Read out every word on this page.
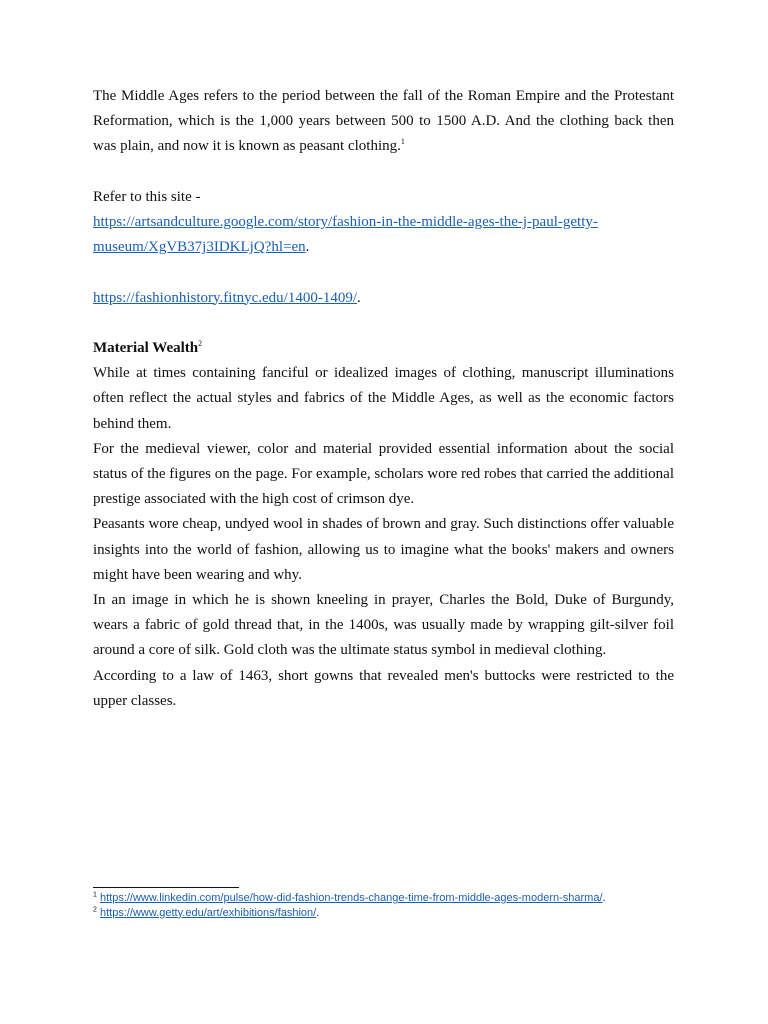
The Middle Ages refers to the period between the fall of the Roman Empire and the Protestant Reformation, which is the 1,000 years between 500 to 1500 A.D. And the clothing back then was plain, and now it is known as peasant clothing.$^1$

Refer to this site -

https://artsandculture.google.com/story/fashion-in-the-middle-ages-the-j-paul-getty-
museum/XgVB37j3IDKLjQ?hl=en.

https://fashionhistory.fitnyc.edu/1400-1409/.

Material Wealth$^2$

While at times containing fanciful or idealized images of clothing, manuscript illuminations often reflect the actual styles and fabrics of the Middle Ages, as well as the economic factors behind them.

For the medieval viewer, color and material provided essential information about the social status of the figures on the page. For example, scholars wore red robes that carried the additional prestige associated with the high cost of crimson dye.

Peasants wore cheap, undyed wool in shades of brown and gray. Such distinctions offer valuable insights into the world of fashion, allowing us to imagine what the books' makers and owners might have been wearing and why.

In an image in which he is shown kneeling in prayer, Charles the Bold, Duke of Burgundy, wears a fabric of gold thread that, in the 1400s, was usually made by wrapping gilt-silver foil around a core of silk. Gold cloth was the ultimate status symbol in medieval clothing.

According to a law of 1463, short gowns that revealed men's buttocks were restricted to the upper classes.

$^1$ https://www.linkedin.com/pulse/how-did-fashion-trends-change-time-from-middle-ages-modern-sharma/.
$^2$ https://www.getty.edu/art/exhibitions/fashion/.
